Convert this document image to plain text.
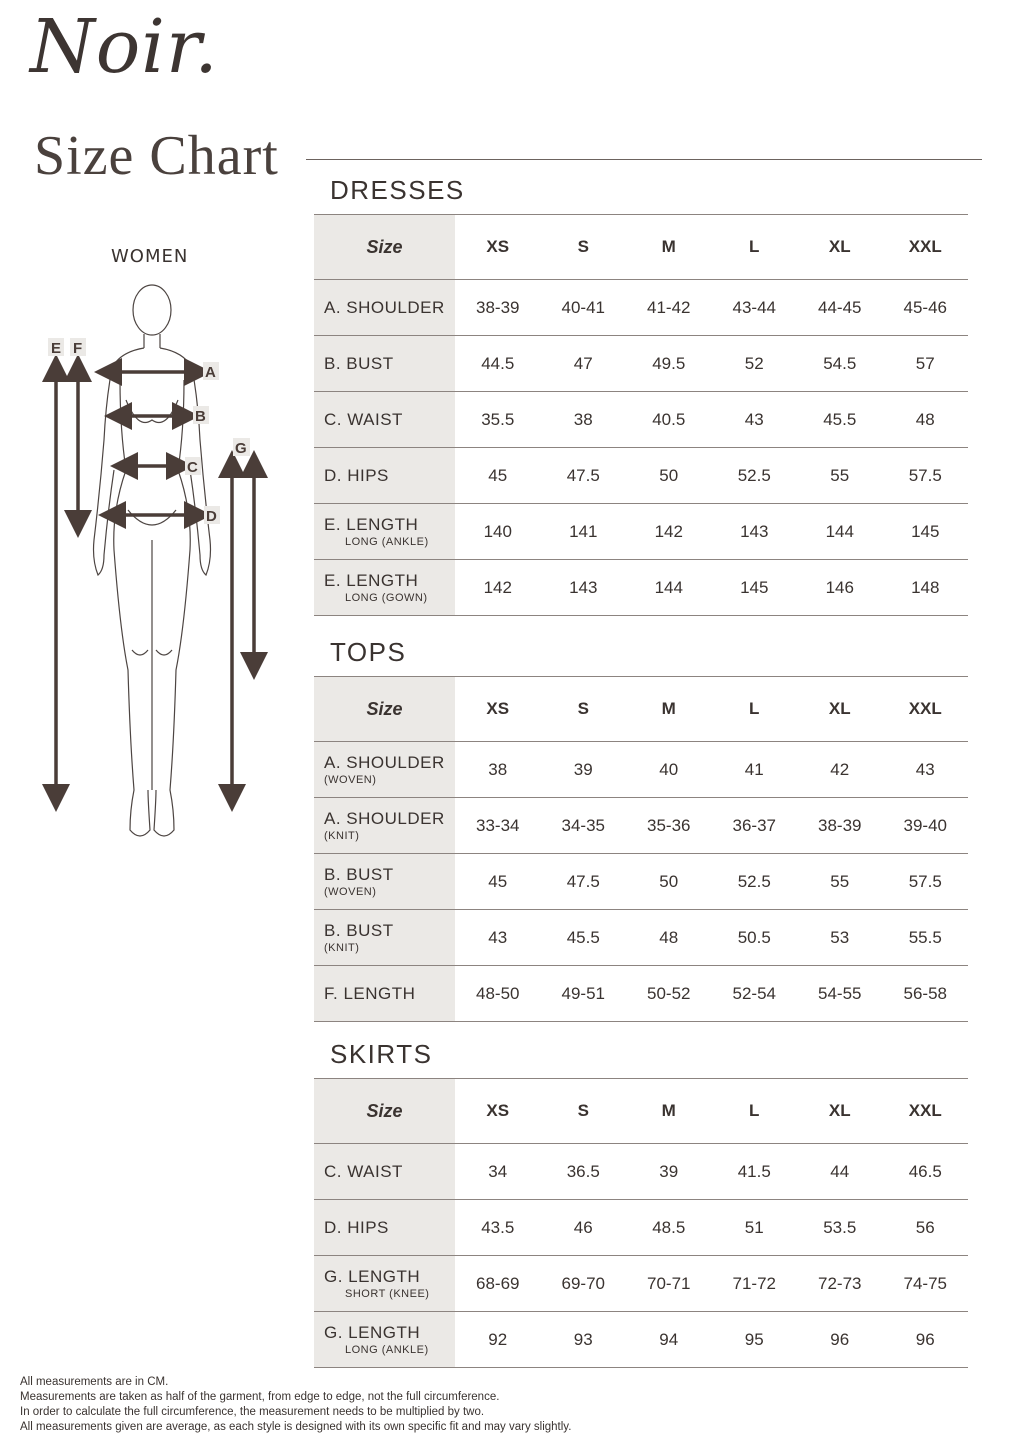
Noir.
Size Chart
WOMEN
A
B
C
D
E F
G
DRESSES
Size	XS	S	M	L	XL	XXL

A. SHOULDER	38-39	40-41	41-42	43-44	44-45	45-46

B. BUST	44.5	47	49.5	52	54.5	57

C. WAIST	35.5	38	40.5	43	45.5	48

D. HIPS	45	47.5	50	52.5	55	57.5

E. LENGTH
LONG (ANKLE)	140	141	142	143	144	145

E. LENGTH
LONG (GOWN)	142	143	144	145	146	148
TOPS
Size	XS	S	M	L	XL	XXL

A. SHOULDER
(WOVEN)	38	39	40	41	42	43

A. SHOULDER
(KNIT)	33-34	34-35	35-36	36-37	38-39	39-40

B. BUST
(WOVEN)	45	47.5	50	52.5	55	57.5

B. BUST
(KNIT)	43	45.5	48	50.5	53	55.5

F. LENGTH	48-50	49-51	50-52	52-54	54-55	56-58
SKIRTS
Size	XS	S	M	L	XL	XXL

C. WAIST	34	36.5	39	41.5	44	46.5

D. HIPS	43.5	46	48.5	51	53.5	56

G. LENGTH
SHORT (KNEE)	68-69	69-70	70-71	71-72	72-73	74-75

G. LENGTH
LONG (ANKLE)	92	93	94	95	96	96
All measurements are in CM.
Measurements are taken as half of the garment, from edge to edge, not the full circumference.
In order to calculate the full circumference, the measurement needs to be multiplied by two.
All measurements given are average, as each style is designed with its own specific fit and may vary slightly.
